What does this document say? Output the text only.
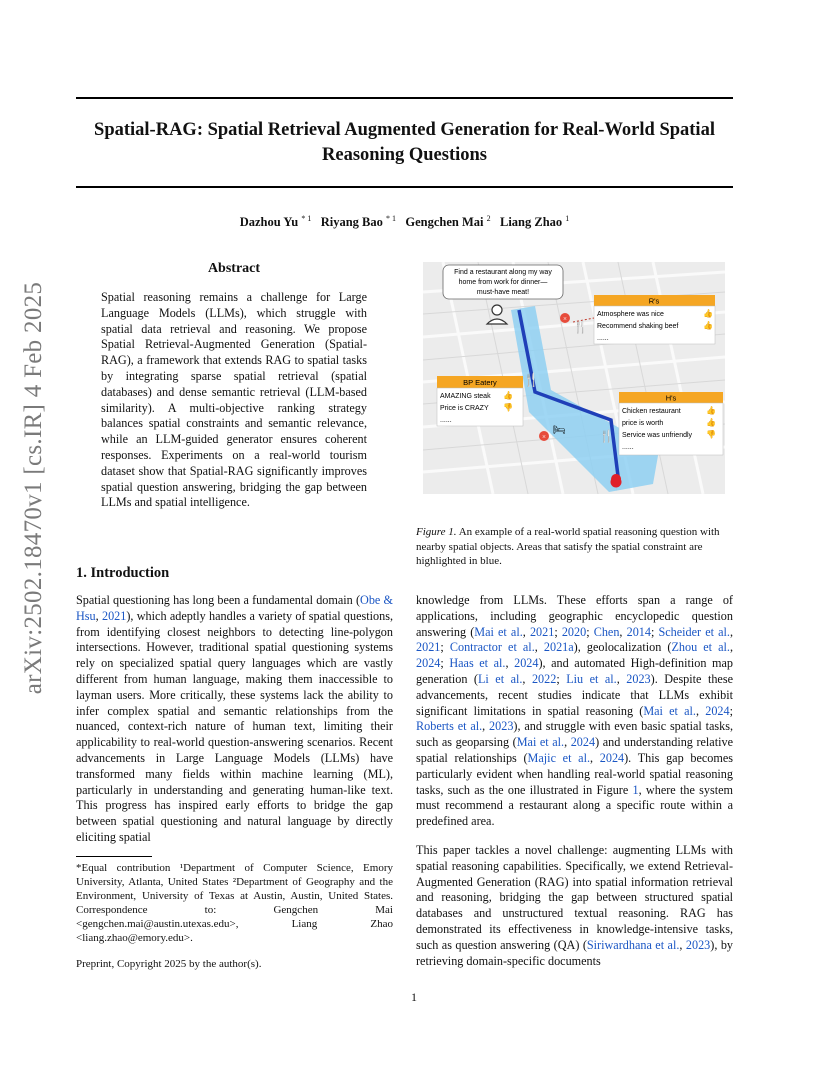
Spatial-RAG: Spatial Retrieval Augmented Generation for Real-World Spatial Reasoning Questions
Dazhou Yu $^{* 1}$ Riyang Bao $^{* 1}$ Gengchen Mai $^2$ Liang Zhao $^1$
arXiv:2502.18470v1 [cs.IR] 4 Feb 2025
Abstract
Spatial reasoning remains a challenge for Large Language Models (LLMs), which struggle with spatial data retrieval and reasoning. We propose Spatial Retrieval-Augmented Generation (Spatial-RAG), a framework that extends RAG to spatial tasks by integrating sparse spatial retrieval (spatial databases) and dense semantic retrieval (LLM-based similarity). A multi-objective ranking strategy balances spatial constraints and semantic relevance, while an LLM-guided generator ensures coherent responses. Experiments on a real-world tourism dataset show that Spatial-RAG significantly improves spatial question answering, bridging the gap between LLMs and spatial intelligence.
Find a restaurant along my way
home from work for dinner—
must-have meat!
R's
Atmosphere was nice
Recommend shaking beef
......
👍
👍
×
🍴
BP Eatery
AMAZING steak
Price is CRAZY
......
👍
👎
🍴
H's
Chicken restaurant
price is worth
Service was unfriendly
......
👍
👍
👎
🍴
×
🛏
Figure 1. An example of a real-world spatial reasoning question with nearby spatial objects. Areas that satisfy the spatial constraint are highlighted in blue.
1. Introduction
Spatial questioning has long been a fundamental domain (Obe & Hsu, 2021), which adeptly handles a variety of spatial questions, from identifying closest neighbors to detecting line-polygon intersections. However, traditional spatial questioning systems rely on specialized spatial query languages which are vastly different from human language, making them inaccessible to layman users. More critically, these systems lack the ability to infer complex spatial and semantic relationships from the nuanced, context-rich nature of human text, limiting their applicability to real-world question-answering scenarios. Recent advancements in Large Language Models (LLMs) have transformed many fields within machine learning (ML), particularly in understanding and generating human-like text. This progress has inspired early efforts to bridge the gap between spatial questioning and natural language by directly eliciting spatial
knowledge from LLMs. These efforts span a range of applications, including geographic encyclopedic question answering (Mai et al., 2021; 2020; Chen, 2014; Scheider et al., 2021; Contractor et al., 2021a), geolocalization (Zhou et al., 2024; Haas et al., 2024), and automated High-definition map generation (Li et al., 2022; Liu et al., 2023). Despite these advancements, recent studies indicate that LLMs exhibit significant limitations in spatial reasoning (Mai et al., 2024; Roberts et al., 2023), and struggle with even basic spatial tasks, such as geoparsing (Mai et al., 2024) and understanding relative spatial relationships (Majic et al., 2024). This gap becomes particularly evident when handling real-world spatial reasoning tasks, such as the one illustrated in Figure 1, where the system must recommend a restaurant along a specific route within a predefined area.
This paper tackles a novel challenge: augmenting LLMs with spatial reasoning capabilities. Specifically, we extend Retrieval-Augmented Generation (RAG) into spatial information retrieval and reasoning, bridging the gap between structured spatial databases and unstructured textual reasoning. RAG has demonstrated its effectiveness in knowledge-intensive tasks, such as question answering (QA) (Siriwardhana et al., 2023), by retrieving domain-specific documents
*Equal contribution ¹Department of Computer Science, Emory University, Atlanta, United States ²Department of Geography and the Environment, University of Texas at Austin, Austin, United States. Correspondence to: Gengchen Mai <gengchen.mai@austin.utexas.edu>, Liang Zhao <liang.zhao@emory.edu>.
Preprint, Copyright 2025 by the author(s).
1
